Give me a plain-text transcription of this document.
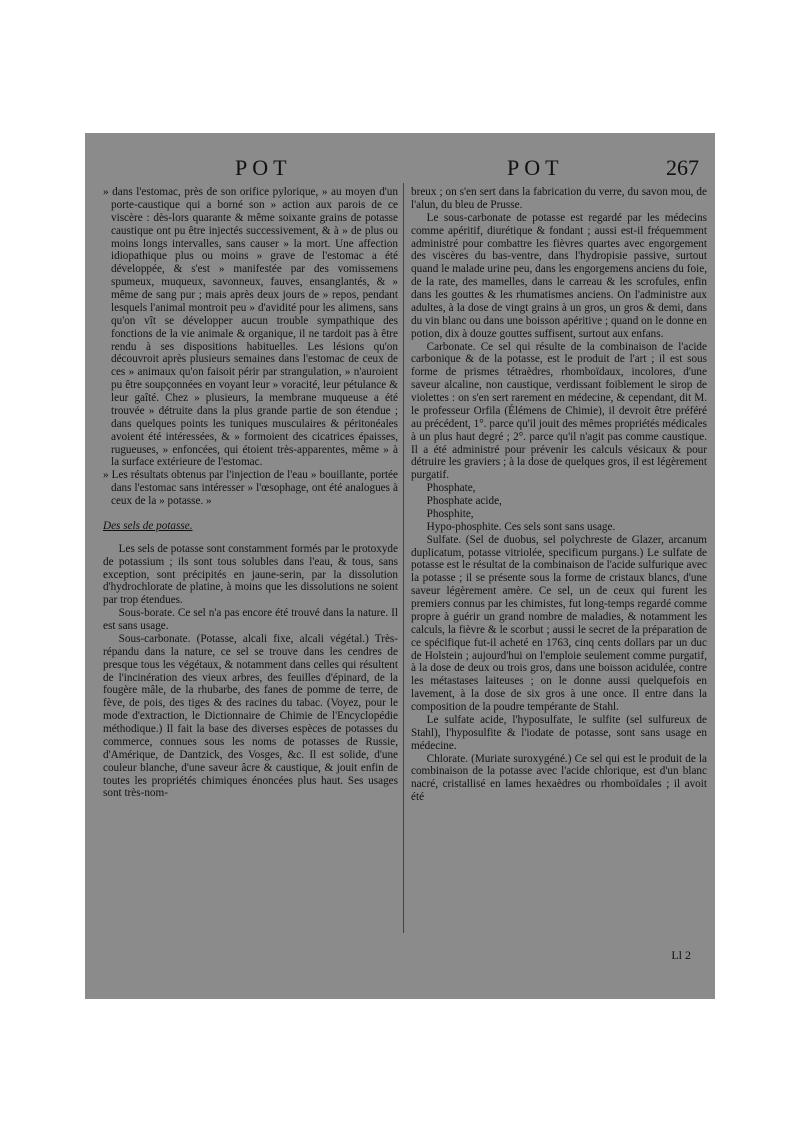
POT	POT	267

» dans l'estomac, près de son orifice pylorique, » au moyen d'un porte-caustique qui a borné son » action aux parois de ce viscère : dès-lors quarante & même soixante grains de potasse caustique ont pu être injectés successivement, & à » de plus ou moins longs intervalles, sans causer » la mort. Une affection idiopathique plus ou moins » grave de l'estomac a été développée, & s'est » manifestée par des vomissemens spumeux, muqueux, savonneux, fauves, ensanglantés, & » même de sang pur ; mais après deux jours de » repos, pendant lesquels l'animal montroit peu » d'avidité pour les alimens, sans qu'on vît se développer aucun trouble sympathique des fonctions de la vie animale & organique, il ne tardoit pas à être rendu à ses dispositions habituelles. Les lésions qu'on découvroit après plusieurs semaines dans l'estomac de ceux de ces » animaux qu'on faisoit périr par strangulation, » n'auroient pu être soupçonnées en voyant leur » voracité, leur pétulance & leur gaîté. Chez » plusieurs, la membrane muqueuse a été trouvée » détruite dans la plus grande partie de son étendue ; dans quelques points les tuniques musculaires & péritonéales avoient été intéressées, & » formoient des cicatrices épaisses, rugueuses, » enfoncées, qui étoient très-apparentes, même » à la surface extérieure de l'estomac.

» Les résultats obtenus par l'injection de l'eau » bouillante, portée dans l'estomac sans intéresser » l'œsophage, ont été analogues à ceux de la » potasse. »

Des sels de potasse.

Les sels de potasse sont constamment formés par le protoxyde de potassium ; ils sont tous solubles dans l'eau, & tous, sans exception, sont précipités en jaune-serin, par la dissolution d'hydrochlorate de platine, à moins que les dissolutions ne soient par trop étendues.

Sous-borate. Ce sel n'a pas encore été trouvé dans la nature. Il est sans usage.

Sous-carbonate. (Potasse, alcali fixe, alcali végétal.) Très-répandu dans la nature, ce sel se trouve dans les cendres de presque tous les végétaux, & notamment dans celles qui résultent de l'incinération des vieux arbres, des feuilles d'épinard, de la fougère mâle, de la rhubarbe, des fanes de pomme de terre, de fève, de pois, des tiges & des racines du tabac. (Voyez, pour le mode d'extraction, le Dictionnaire de Chimie de l'Encyclopédie méthodique.) Il fait la base des diverses espèces de potasses du commerce, connues sous les noms de potasses de Russie, d'Amérique, de Dantzick, des Vosges, &c. Il est solide, d'une couleur blanche, d'une saveur âcre & caustique, & jouit enfin de toutes les propriétés chimiques énoncées plus haut. Ses usages sont très-nom-

breux ; on s'en sert dans la fabrication du verre, du savon mou, de l'alun, du bleu de Prusse.

Le sous-carbonate de potasse est regardé par les médecins comme apéritif, diurétique & fondant ; aussi est-il fréquemment administré pour combattre les fièvres quartes avec engorgement des viscères du bas-ventre, dans l'hydropisie passive, surtout quand le malade urine peu, dans les engorgemens anciens du foie, de la rate, des mamelles, dans le carreau & les scrofules, enfin dans les gouttes & les rhumatismes anciens. On l'administre aux adultes, à la dose de vingt grains à un gros, un gros & demi, dans du vin blanc ou dans une boisson apéritive ; quand on le donne en potion, dix à douze gouttes suffisent, surtout aux enfans.

Carbonate. Ce sel qui résulte de la combinaison de l'acide carbonique & de la potasse, est le produit de l'art ; il est sous forme de prismes tétraèdres, rhomboïdaux, incolores, d'une saveur alcaline, non caustique, verdissant foiblement le sirop de violettes : on s'en sert rarement en médecine, & cependant, dit M. le professeur Orfila (Élémens de Chimie), il devroit être préféré au précédent, 1°. parce qu'il jouit des mêmes propriétés médicales à un plus haut degré ; 2°. parce qu'il n'agit pas comme caustique. Il a été administré pour prévenir les calculs vésicaux & pour détruire les graviers ; à la dose de quelques gros, il est légèrement purgatif.

Phosphate,

Phosphate acide,

Phosphite,

Hypo-phosphite. Ces sels sont sans usage.

Sulfate. (Sel de duobus, sel polychreste de Glazer, arcanum duplicatum, potasse vitriolée, specificum purgans.) Le sulfate de potasse est le résultat de la combinaison de l'acide sulfurique avec la potasse ; il se présente sous la forme de cristaux blancs, d'une saveur légèrement amère. Ce sel, un de ceux qui furent les premiers connus par les chimistes, fut long-temps regardé comme propre à guérir un grand nombre de maladies, & notamment les calculs, la fièvre & le scorbut ; aussi le secret de la préparation de ce spécifique fut-il acheté en 1763, cinq cents dollars par un duc de Holstein ; aujourd'hui on l'emploie seulement comme purgatif, à la dose de deux ou trois gros, dans une boisson acidulée, contre les métastases laiteuses ; on le donne aussi quelquefois en lavement, à la dose de six gros à une once. Il entre dans la composition de la poudre tempérante de Stahl.

Le sulfate acide, l'hyposulfate, le sulfite (sel sulfureux de Stahl), l'hyposulfite & l'iodate de potasse, sont sans usage en médecine.

Chlorate. (Muriate suroxygéné.) Ce sel qui est le produit de la combinaison de la potasse avec l'acide chlorique, est d'un blanc nacré, cristallisé en lames hexaèdres ou rhomboïdales ; il avoit été

Ll 2
